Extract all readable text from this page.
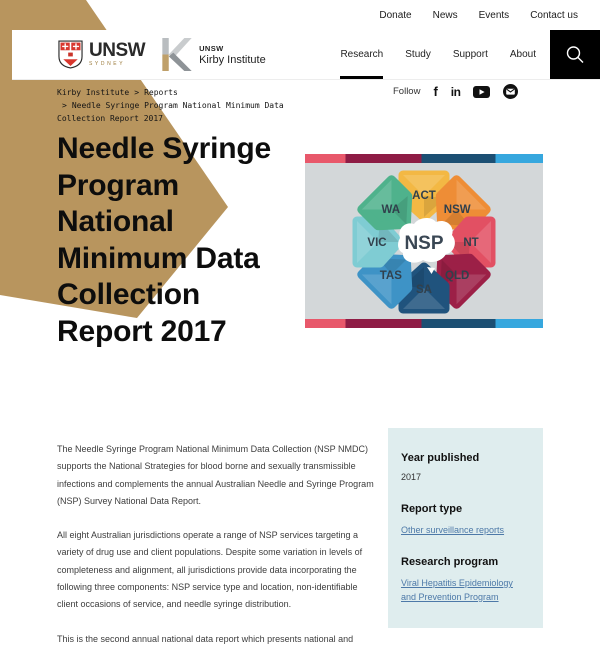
Donate News Events Contact us
UNSW
SYDNEY
UNSW
Kirby Institute	Research Study Support About
Kirby Institute > Reports
> Needle Syringe Program National Minimum Data Collection Report 2017
Follow f in
Needle Syringe Program National Minimum Data Collection Report 2017
NSP
ACT
NSW
NT
QLD
SA
TAS
VIC
WA

The Needle Syringe Program National Minimum Data Collection (NSP NMDC) supports the National Strategies for blood borne and sexually transmissible infections and complements the annual Australian Needle and Syringe Program (NSP) Survey National Data Report.

All eight Australian jurisdictions operate a range of NSP services targeting a variety of drug use and client populations. Despite some variation in levels of completeness and alignment, all jurisdictions provide data incorporating the following three components: NSP service type and location, non-identifiable client occasions of service, and needle syringe distribution.

This is the second annual national data report which presents national and

Year published
2017
Report type
Other surveillance reports
Research program
Viral Hepatitis Epidemiology and Prevention Program
